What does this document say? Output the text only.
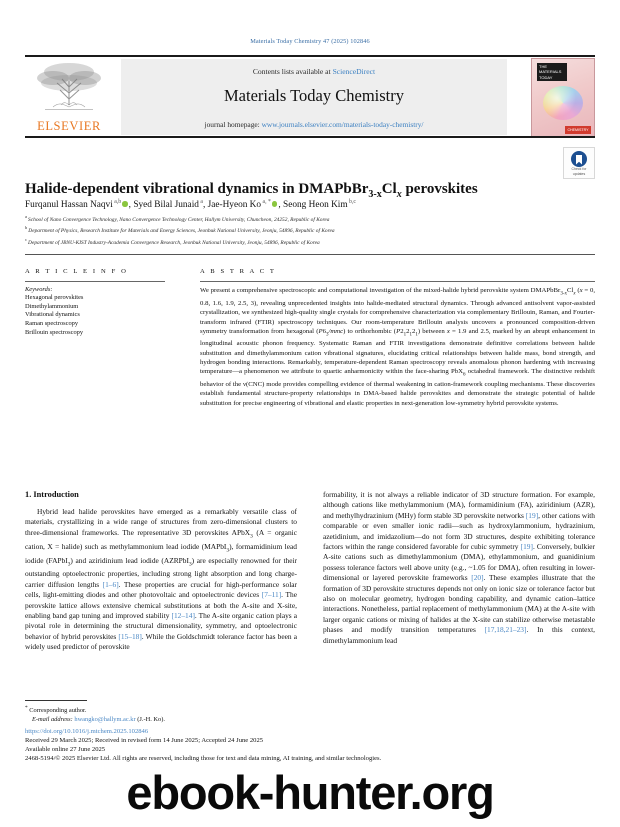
Materials Today Chemistry 47 (2025) 102846
ELSEVIER
Contents lists available at ScienceDirect
Materials Today Chemistry
journal homepage: www.journals.elsevier.com/materials-today-chemistry/
THE
MATERIALS
TODAY
CHEMISTRY
Check for
updates
Halide-dependent vibrational dynamics in $DMAPbBr_{3-x}Cl_x$ perovskites
Furqanul Hassan Naqvi $^{a,b}$ , Syed Bilal Junaid $^a$, Jae-Hyeon Ko $^{a, *}$ , Seong Heon Kim $^{b,c}$
$^a$ School of Nano Convergence Technology, Nano Convergence Technology Center, Hallym University, Chuncheon, 24252, Republic of Korea
$^b$ Department of Physics, Research Institute for Materials and Energy Sciences, Jeonbuk National University, Jeonju, 54896, Republic of Korea
$^c$ Department of JBNU-KIST Industry-Academia Convergence Research, Jeonbuk National University, Jeonju, 54896, Republic of Korea
A R T I C L E I N F O
Keywords:
Hexagonal perovskites
Dimethylammonium
Vibrational dynamics
Raman spectroscopy
Brillouin spectroscopy
A B S T R A C T
We present a comprehensive spectroscopic and computational investigation of the mixed-halide hybrid perovskite system $DMAPbBr_{3-x}Cl_x$ (x = 0, 0.8, 1.6, 1.9, 2.5, 3), revealing unprecedented insights into halide-mediated structural dynamics. Through advanced antisolvent vapor-assisted crystallization, we synthesized high-quality single crystals for comprehensive characterization via complementary Brillouin, Raman, and Fourier-transform infrared (FTIR) spectroscopy techniques. Our room-temperature Brillouin analysis uncovers a pronounced composition-driven symmetry transformation from hexagonal $(P6_3/mmc)$ to orthorhombic $(P2_12_12_1)$ between x = 1.9 and 2.5, marked by an abrupt enhancement in longitudinal acoustic phonon frequency. Systematic Raman and FTIR investigations demonstrate definitive correlations between halide substitution and dimethylammonium cation vibrational signatures, elucidating critical relationships between halide mass, bond strength, and hydrogen bonding interactions. Remarkably, temperature-dependent Raman spectroscopy reveals anomalous phonon hardening with increasing temperature—a phenomenon we attribute to quartic anharmonicity within the face-sharing PbX$_6$ octahedral framework. The distinctive redshift behavior of the ν(CNC) mode provides compelling evidence of thermal weakening in cation-framework coupling mechanisms. These discoveries establish fundamental structure-property relationships in DMA-based halide perovskites and demonstrate the strategic potential of halide substitution for precise engineering of vibrational and elastic properties in next-generation low-symmetry hybrid perovskite systems.
1. Introduction

Hybrid lead halide perovskites have emerged as a remarkably versatile class of materials, crystallizing in a wide range of structures from zero-dimensional clusters to three-dimensional frameworks. The representative 3D perovskites APbX$_3$ (A = organic cation, X = halide) such as methylammonium lead iodide (MAPbI$_3$), formamidinium lead iodide (FAPbI$_3$) and aziridinium lead iodide (AZRPbI$_3$) are especially renowned for their outstanding optoelectronic properties, including strong light absorption and long charge-carrier diffusion lengths [1–6]. These properties are crucial for high-performance solar cells, light-emitting diodes and other photovoltaic and optoelectronic devices [7–11]. The perovskite lattice allows extensive chemical substitutions at both the A-site and X-site, enabling band gap tuning and improved stability [12–14]. The A-site organic cation plays a pivotal role in determining the structural dimensionality, symmetry, and optoelectronic behavior of hybrid perovskites [15–18]. While the Goldschmidt tolerance factor has been a widely used predictor of perovskite

formability, it is not always a reliable indicator of 3D structure formation. For example, although cations like methylammonium (MA), formamidinium (FA), aziridinium (AZR), and methylhydrazinium (MHy) form stable 3D perovskite networks [19], other cations with comparable or even smaller ionic radii—such as hydroxylammonium, hydrazinium, azetidinium, and imidazolium—do not form 3D structures, despite exhibiting tolerance factors within the range considered favorable for cubic symmetry [19]. Conversely, bulkier A-site cations such as dimethylammonium (DMA), ethylammonium, and guanidinium possess tolerance factors well above unity (e.g., ~1.05 for DMA), often resulting in lower-dimensional or layered perovskite frameworks [20]. These examples illustrate that the formation of 3D perovskite structures depends not only on ionic size or tolerance factor but also on molecular geometry, hydrogen bonding capability, and dynamic cation–lattice interactions. Nonetheless, partial replacement of methylammonium (MA) at the A-site with larger organic cations or mixing of halides at the X-site can stabilize otherwise metastable phases and modify transition temperatures [17,18,21–23]. In this context, dimethylammonium lead

* Corresponding author.
E-mail address: hwangko@hallym.ac.kr (J.-H. Ko).
https://doi.org/10.1016/j.mtchem.2025.102846
Received 29 March 2025; Received in revised form 14 June 2025; Accepted 24 June 2025
Available online 27 June 2025
2468-5194/© 2025 Elsevier Ltd. All rights are reserved, including those for text and data mining, AI training, and similar technologies.
ebook-hunter.org
